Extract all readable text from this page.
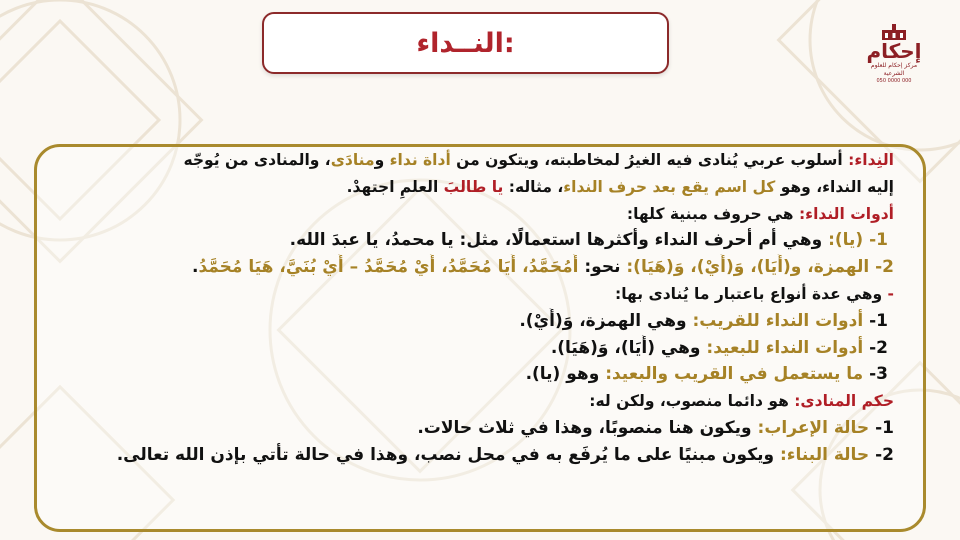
النــداء:	إحكام
مركز إحكام للعلوم الشرعية
050 0000 000
النِداء: أسلوب عربي يُنادى فيه الغيرُ لمخاطبته، ويتكون من أداة نداء ومنادَى، والمنادى من يُوجّه
إليه النداء، وهو كل اسم يقع بعد حرف النداء، مثاله: يا طالبَ العلمِ اجتهدْ.
أدوات النداء: هي حروف مبنية كلها:
1- (يا): وهي أم أحرف النداء وأكثرها استعمالًا، مثل: يا محمدُ، يا عبدَ الله.
2- الهمزة، و(أَيَا)، وَ(أَيْ)، وَ(هَيَا): نحو: أَمُحَمَّدُ، أَيَا مُحَمَّدُ، أَيْ مُحَمَّدُ – أَيْ بُنَيَّ، هَيَا مُحَمَّدُ.
- وهي عدة أنواع باعتبار ما يُنادى بها:
1- أدوات النداء للقريب: وهي الهمزة، وَ(أَيْ).
2- أدوات النداء للبعيد: وهي (أَيَا)، وَ(هَيَا).
3- ما يستعمل في القريب والبعيد: وهو (يا).
حكم المنادى: هو دائما منصوب، ولكن له:
1- حالة الإعراب: ويكون هنا منصوبًا، وهذا في ثلاث حالات.
2- حالة البناء: ويكون مبنيًا على ما يُرفَع به في محل نصب، وهذا في حالة تأتي بإذن الله تعالى.
